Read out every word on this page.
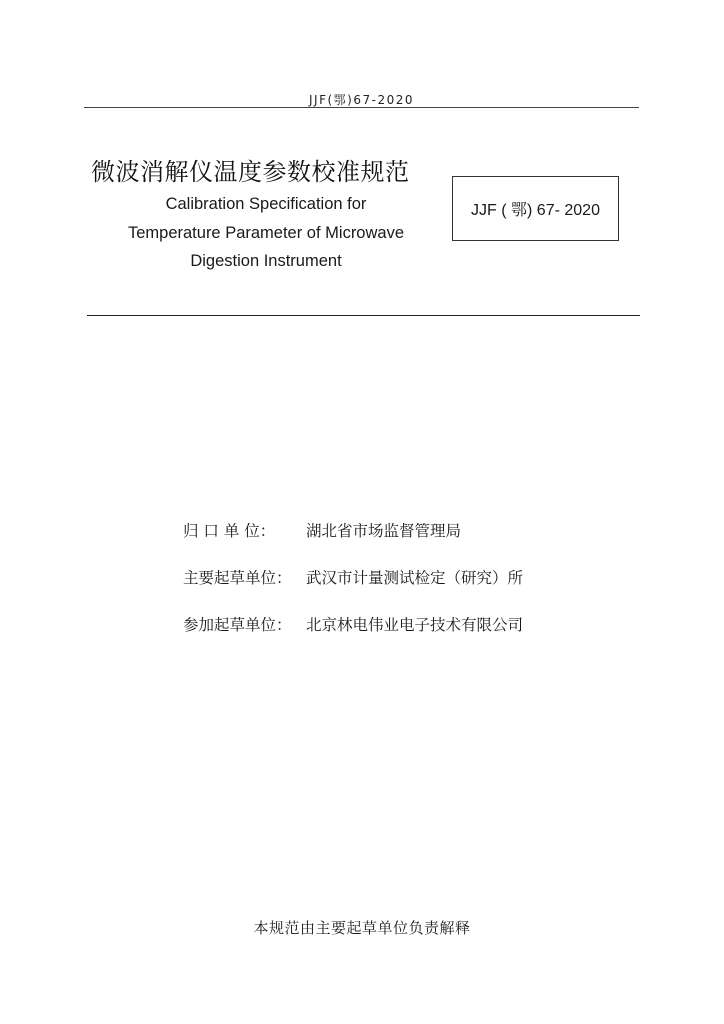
JJF(鄂)67-2020
微波消解仪温度参数校准规范
Calibration Specification for
Temperature Parameter of Microwave
Digestion Instrument
JJF ( 鄂) 67- 2020
归 口 单 位：	湖北省市场监督管理局
主要起草单位： 武汉市计量测试检定（研究）所
参加起草单位： 北京林电伟业电子技术有限公司
本规范由主要起草单位负责解释
